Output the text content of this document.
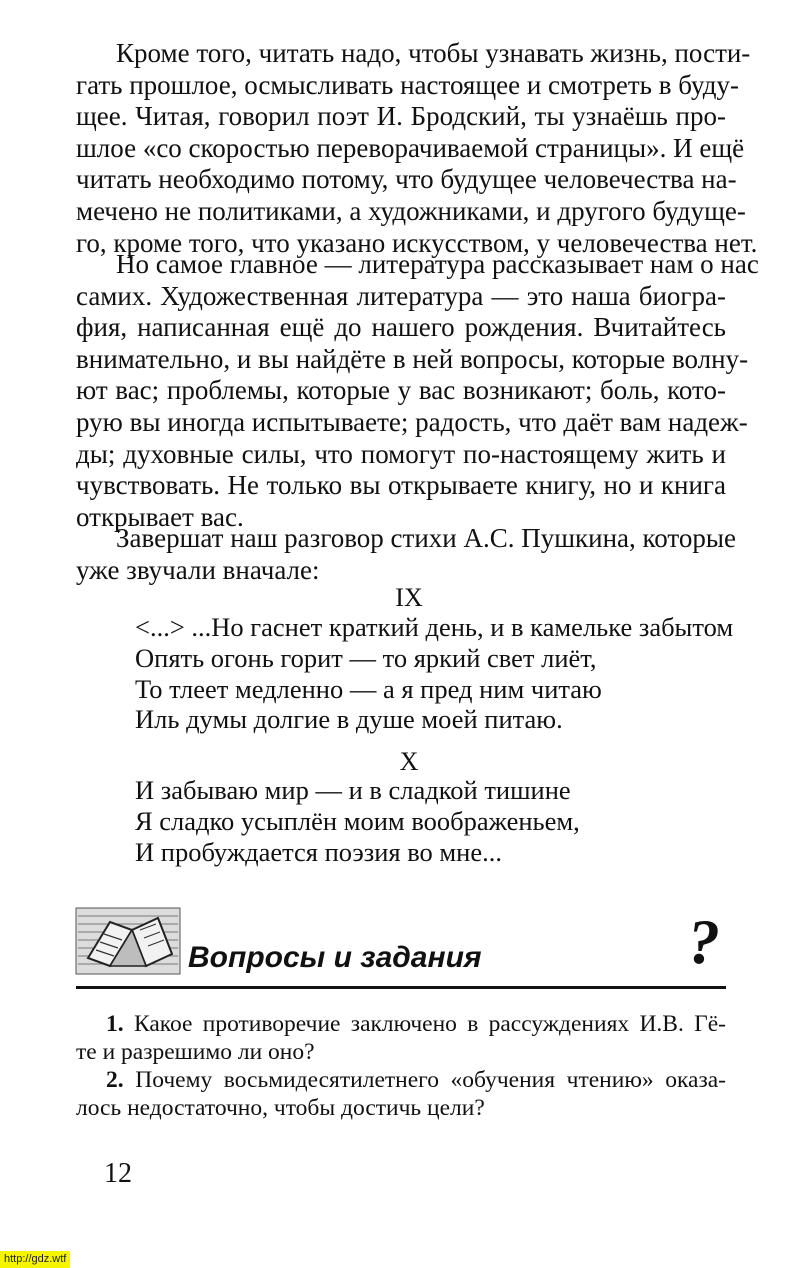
Кроме того, читать надо, чтобы узнавать жизнь, пости-
гать прошлое, осмысливать настоящее и смотреть в буду-
щее. Читая, говорил поэт И. Бродский, ты узнаёшь про-
шлое «со скоростью переворачиваемой страницы». И ещё
читать необходимо потому, что будущее человечества на-
мечено не политиками, а художниками, и другого будуще-
го, кроме того, что указано искусством, у человечества нет.
Но самое главное — литература рассказывает нам о нас
самих. Художественная литература — это наша биогра-
фия, написанная ещё до нашего рождения. Вчитайтесь
внимательно, и вы найдёте в ней вопросы, которые волну-
ют вас; проблемы, которые у вас возникают; боль, кото-
рую вы иногда испытываете; радость, что даёт вам надеж-
ды; духовные силы, что помогут по-настоящему жить и
чувствовать. Не только вы открываете книгу, но и книга
открывает вас.
Завершат наш разговор стихи А.С. Пушкина, которые
уже звучали вначале:
IX
<...> ...Но гаснет краткий день, и в камельке забытом
Опять огонь горит — то яркий свет лиёт,
То тлеет медленно — а я пред ним читаю
Иль думы долгие в душе моей питаю.
X
И забываю мир — и в сладкой тишине
Я сладко усыплён моим воображеньем,
И пробуждается поэзия во мне...
Вопросы и задания	?
1. Какое противоречие заключено в рассуждениях И.В. Гё-
те и разрешимо ли оно?
2. Почему восьмидесятилетнего «обучения чтению» оказа-
лось недостаточно, чтобы достичь цели?
12
http://gdz.wtf
